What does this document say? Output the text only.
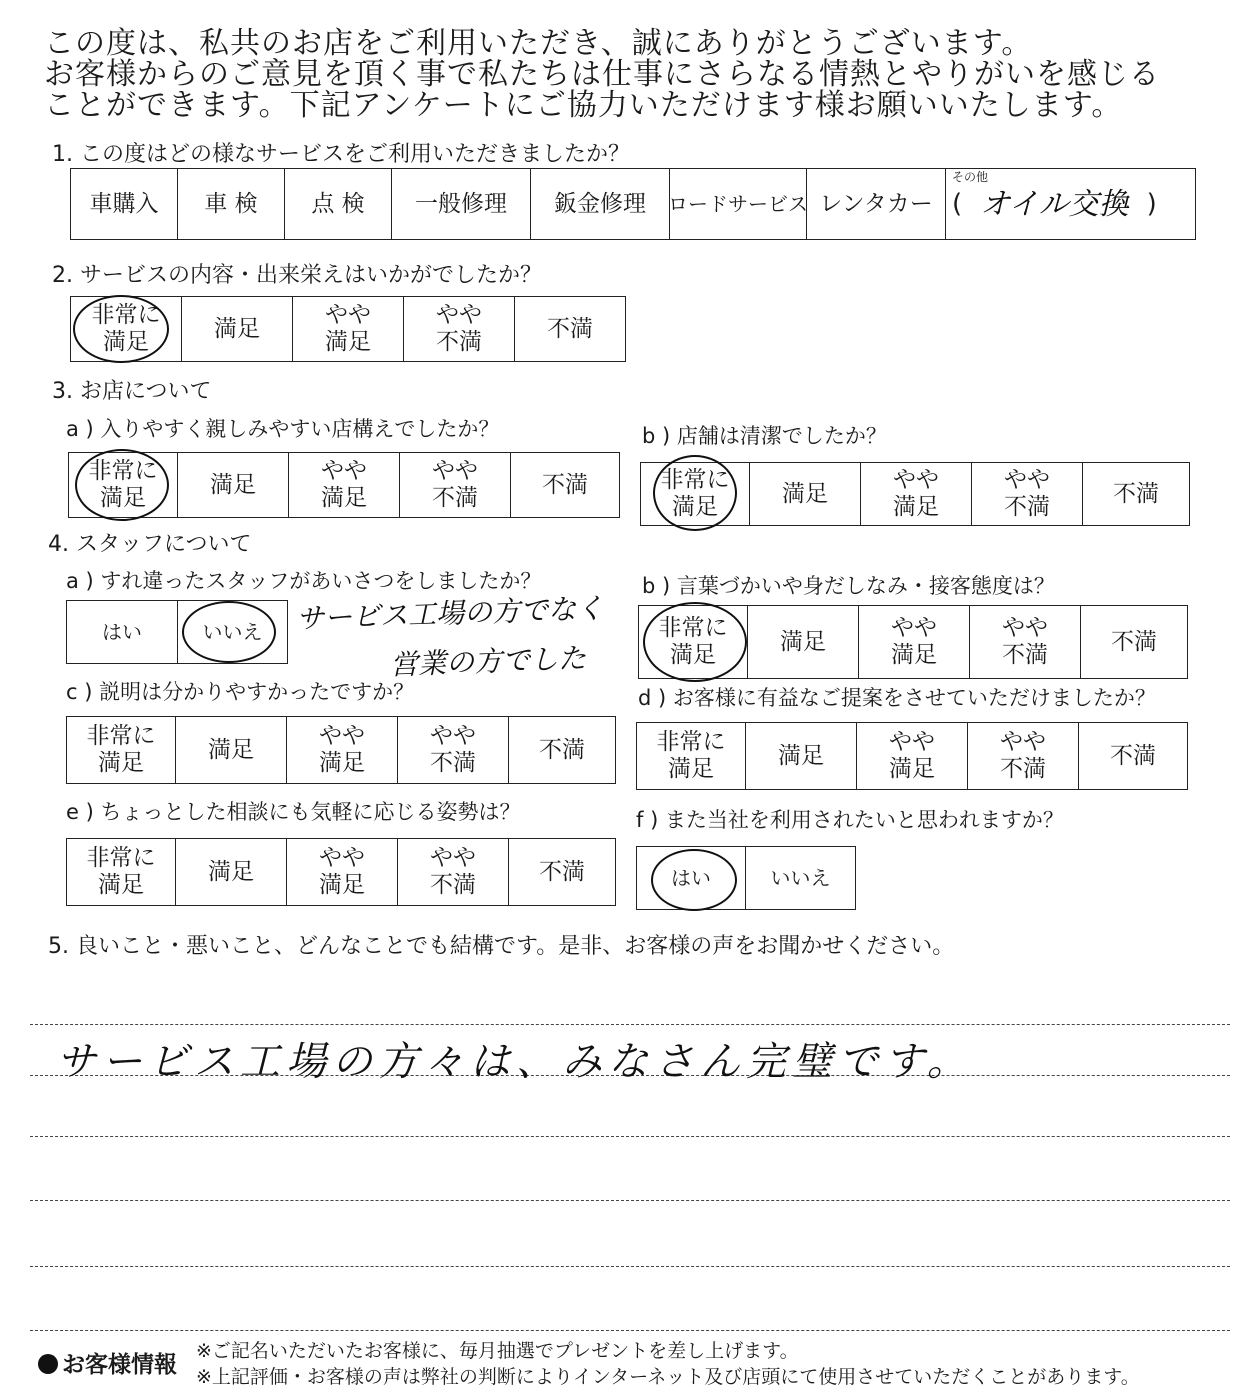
この度は、私共のお店をご利用いただき、誠にありがとうございます。
お客様からのご意見を頂く事で私たちは仕事にさらなる情熱とやりがいを感じる
ことができます。下記アンケートにご協力いただけます様お願いいたします。
1. この度はどの様なサービスをご利用いただきましたか？
車購入	車 検	点 検	一般修理	鈑金修理	ロードサービス レンタカー
その他
( オイル交換 )
2. サービスの内容・出来栄えはいかがでしたか？
非常に
満足
満足
やや
満足
やや
不満
不満
3. お店について
a ) 入りやすく親しみやすい店構えでしたか？	b ) 店舗は清潔でしたか？
非常に
満足
満足
やや
満足
やや
不満
不満	非常に
満足
満足
やや
満足
やや
不満
不満
4. スタッフについて
a ) すれ違ったスタッフがあいさつをしましたか？	b ) 言葉づかいや身だしなみ・接客態度は？
はい	いいえ サービス工場の方でなく
営業の方でした
非常に
満足
満足
やや
満足
やや
不満
不満
c ) 説明は分かりやすかったですか？	d ) お客様に有益なご提案をさせていただけましたか？
非常に
満足
満足
やや
満足
やや
不満
不満	非常に
満足
満足
やや
満足
やや
不満
不満
e ) ちょっとした相談にも気軽に応じる姿勢は？	f ) また当社を利用されたいと思われますか？
非常に
満足
満足
やや
満足
やや
不満
不満	はい	いいえ
5. 良いこと・悪いこと、どんなことでも結構です。是非、お客様の声をお聞かせください。
サービス工場の方々は、みなさん完璧です。
お客様情報
※ご記名いただいたお客様に、毎月抽選でプレゼントを差し上げます。
※上記評価・お客様の声は弊社の判断によりインターネット及び店頭にて使用させていただくことがあります。
